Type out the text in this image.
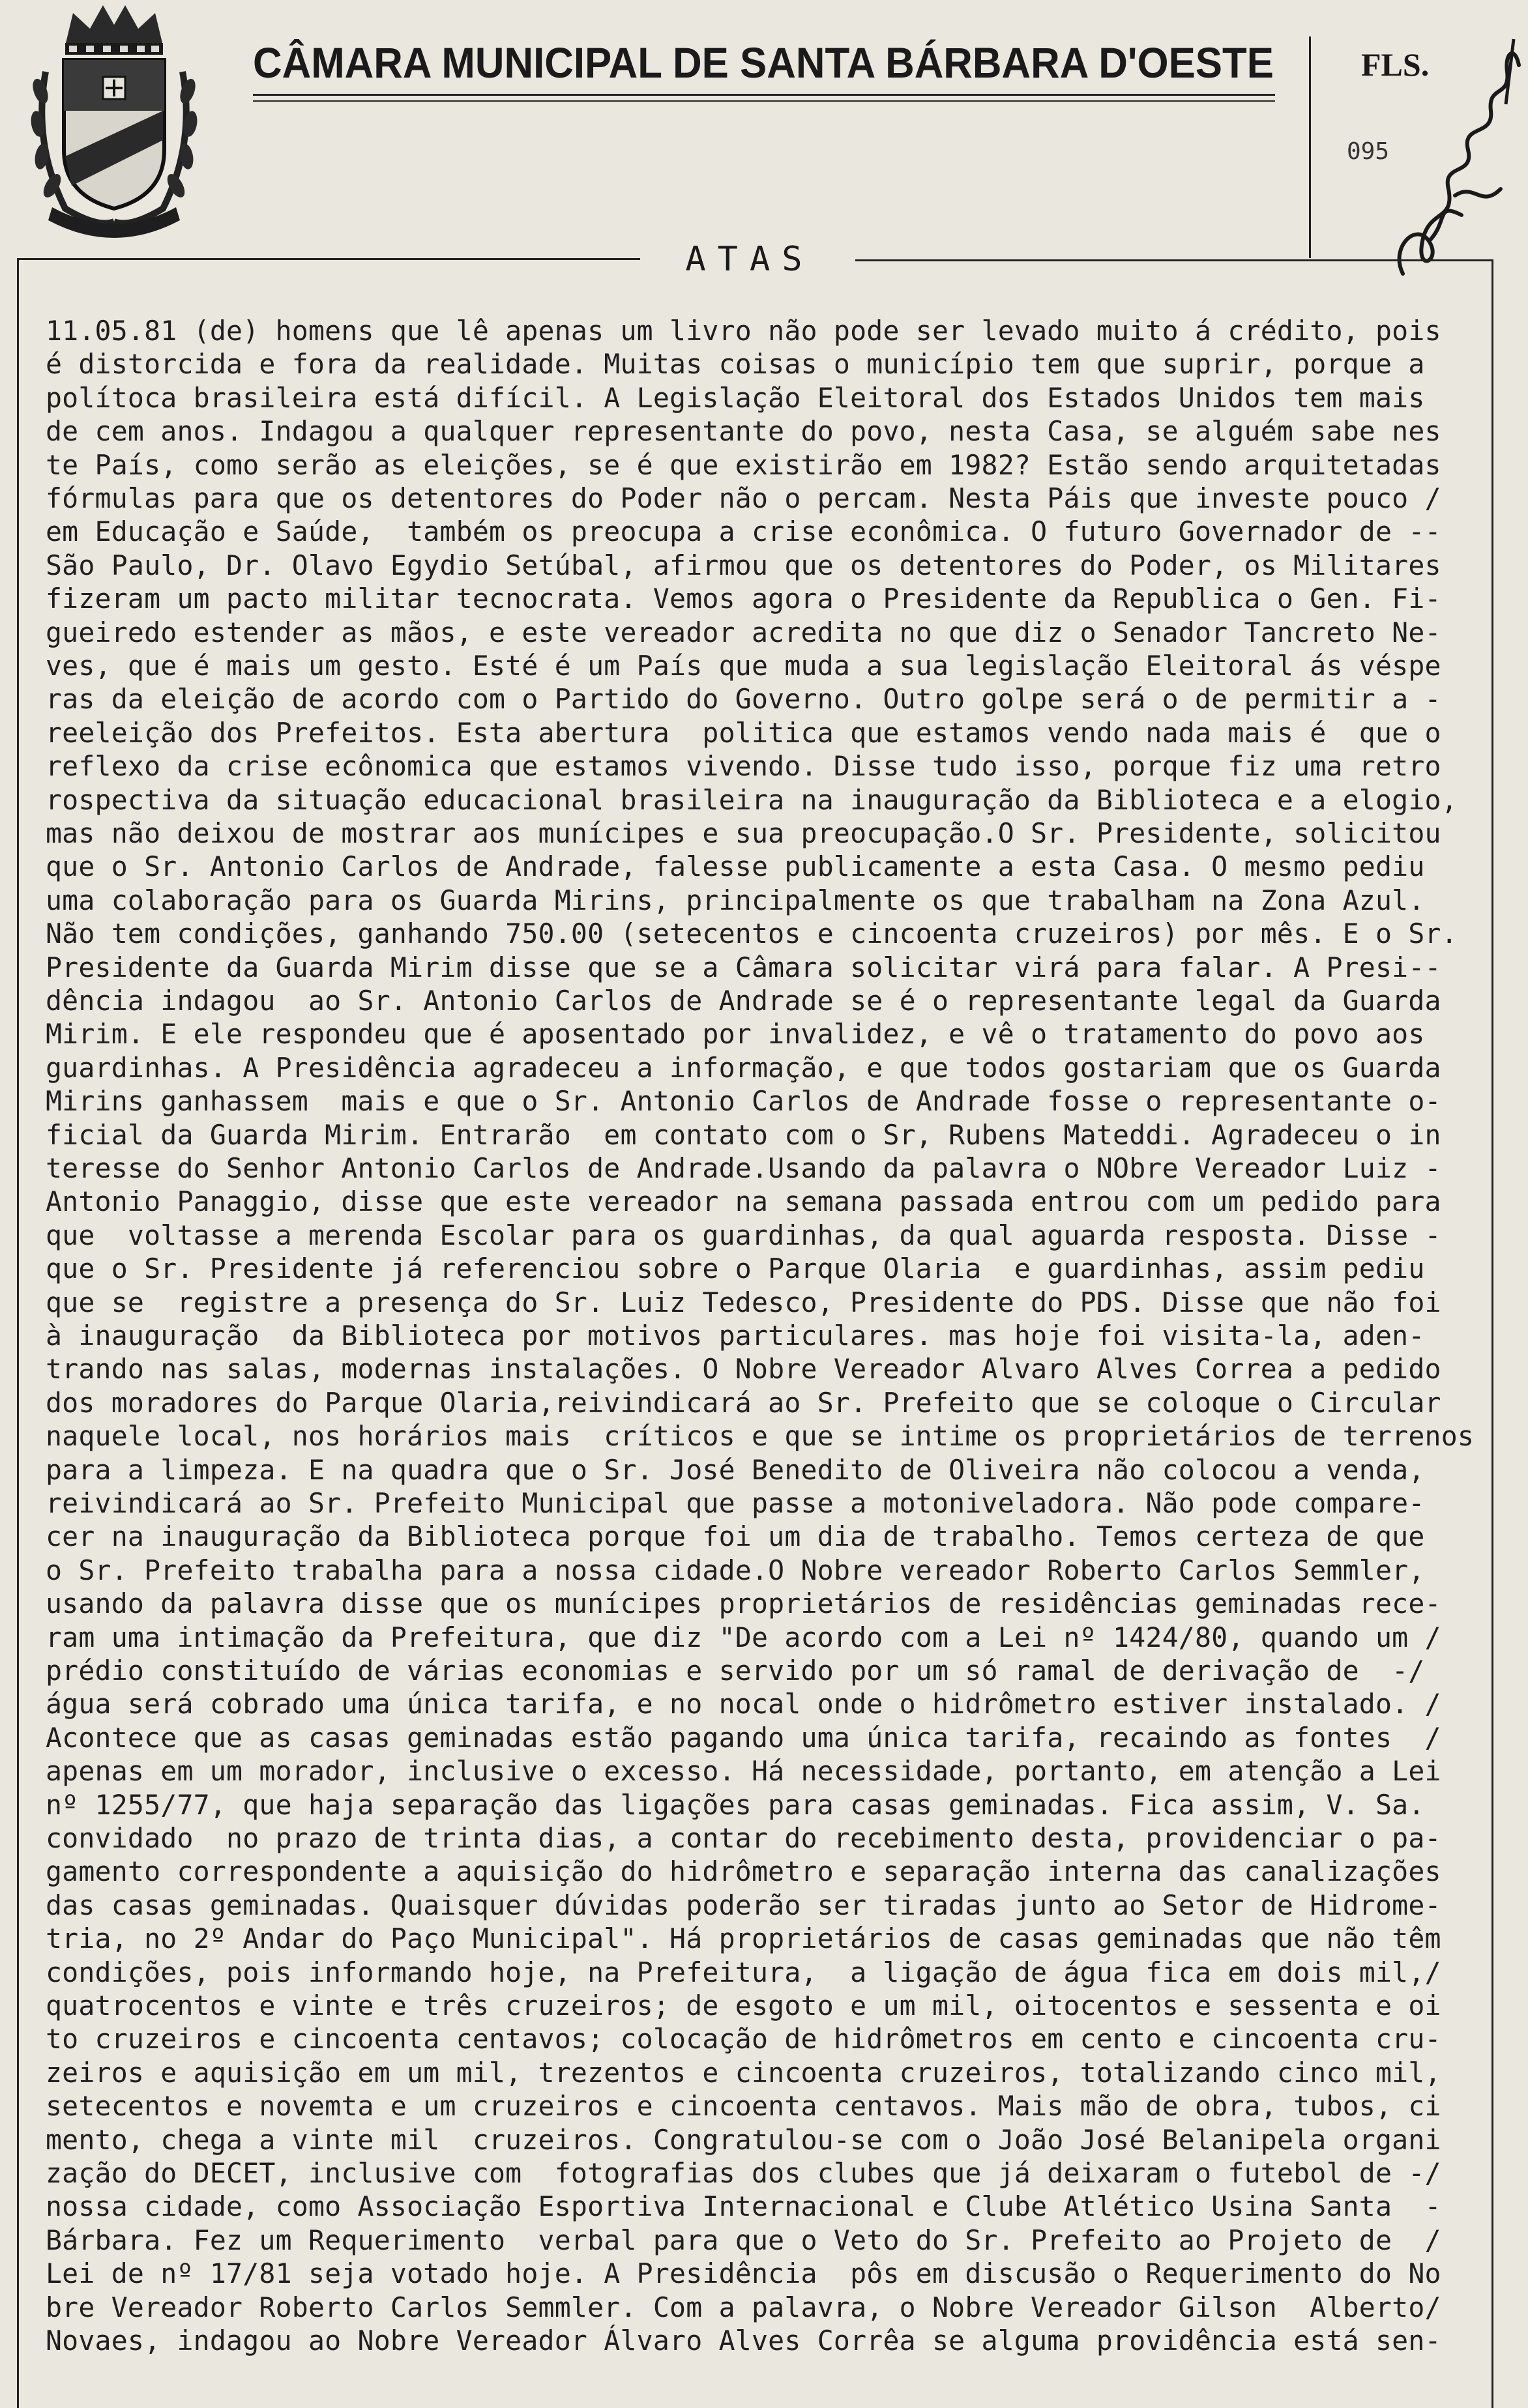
CÂMARA MUNICIPAL DE SANTA BÁRBARA D'OESTE	FLS.
095
ATAS
11.05.81 (de) homens que lê apenas um livro não pode ser levado muito á crédito, pois
é distorcida e fora da realidade. Muitas coisas o município tem que suprir, porque a
polítoca brasileira está difícil. A Legislação Eleitoral dos Estados Unidos tem mais
de cem anos. Indagou a qualquer representante do povo, nesta Casa, se alguém sabe nes
te País, como serão as eleições, se é que existirão em 1982? Estão sendo arquitetadas
fórmulas para que os detentores do Poder não o percam. Nesta Páis que investe pouco /
em Educação e Saúde,  também os preocupa a crise econômica. O futuro Governador de --
São Paulo, Dr. Olavo Egydio Setúbal, afirmou que os detentores do Poder, os Militares
fizeram um pacto militar tecnocrata. Vemos agora o Presidente da Republica o Gen. Fi-
gueiredo estender as mãos, e este vereador acredita no que diz o Senador Tancreto Ne-
ves, que é mais um gesto. Esté é um País que muda a sua legislação Eleitoral ás véspe
ras da eleição de acordo com o Partido do Governo. Outro golpe será o de permitir a -
reeleição dos Prefeitos. Esta abertura  politica que estamos vendo nada mais é  que o
reflexo da crise ecônomica que estamos vivendo. Disse tudo isso, porque fiz uma retro
rospectiva da situação educacional brasileira na inauguração da Biblioteca e a elogio,
mas não deixou de mostrar aos munícipes e sua preocupação.O Sr. Presidente, solicitou
que o Sr. Antonio Carlos de Andrade, falesse publicamente a esta Casa. O mesmo pediu
uma colaboração para os Guarda Mirins, principalmente os que trabalham na Zona Azul.
Não tem condições, ganhando 750.00 (setecentos e cincoenta cruzeiros) por mês. E o Sr.
Presidente da Guarda Mirim disse que se a Câmara solicitar virá para falar. A Presi--
dência indagou  ao Sr. Antonio Carlos de Andrade se é o representante legal da Guarda
Mirim. E ele respondeu que é aposentado por invalidez, e vê o tratamento do povo aos
guardinhas. A Presidência agradeceu a informação, e que todos gostariam que os Guarda
Mirins ganhassem  mais e que o Sr. Antonio Carlos de Andrade fosse o representante o-
ficial da Guarda Mirim. Entrarão  em contato com o Sr, Rubens Mateddi. Agradeceu o in
teresse do Senhor Antonio Carlos de Andrade.Usando da palavra o NObre Vereador Luiz -
Antonio Panaggio, disse que este vereador na semana passada entrou com um pedido para
que  voltasse a merenda Escolar para os guardinhas, da qual aguarda resposta. Disse -
que o Sr. Presidente já referenciou sobre o Parque Olaria  e guardinhas, assim pediu
que se  registre a presença do Sr. Luiz Tedesco, Presidente do PDS. Disse que não foi
à inauguração  da Biblioteca por motivos particulares. mas hoje foi visita-la, aden-
trando nas salas, modernas instalações. O Nobre Vereador Alvaro Alves Correa a pedido
dos moradores do Parque Olaria,reivindicará ao Sr. Prefeito que se coloque o Circular
naquele local, nos horários mais  críticos e que se intime os proprietários de terrenos
para a limpeza. E na quadra que o Sr. José Benedito de Oliveira não colocou a venda,
reivindicará ao Sr. Prefeito Municipal que passe a motoniveladora. Não pode compare-
cer na inauguração da Biblioteca porque foi um dia de trabalho. Temos certeza de que
o Sr. Prefeito trabalha para a nossa cidade.O Nobre vereador Roberto Carlos Semmler,
usando da palavra disse que os munícipes proprietários de residências geminadas rece-
ram uma intimação da Prefeitura, que diz "De acordo com a Lei nº 1424/80, quando um /
prédio constituído de várias economias e servido por um só ramal de derivação de  -/
água será cobrado uma única tarifa, e no nocal onde o hidrômetro estiver instalado. /
Acontece que as casas geminadas estão pagando uma única tarifa, recaindo as fontes  /
apenas em um morador, inclusive o excesso. Há necessidade, portanto, em atenção a Lei
nº 1255/77, que haja separação das ligações para casas geminadas. Fica assim, V. Sa.
convidado  no prazo de trinta dias, a contar do recebimento desta, providenciar o pa-
gamento correspondente a aquisição do hidrômetro e separação interna das canalizações
das casas geminadas. Quaisquer dúvidas poderão ser tiradas junto ao Setor de Hidrome-
tria, no 2º Andar do Paço Municipal". Há proprietários de casas geminadas que não têm
condições, pois informando hoje, na Prefeitura,  a ligação de água fica em dois mil,/
quatrocentos e vinte e três cruzeiros; de esgoto e um mil, oitocentos e sessenta e oi
to cruzeiros e cincoenta centavos; colocação de hidrômetros em cento e cincoenta cru-
zeiros e aquisição em um mil, trezentos e cincoenta cruzeiros, totalizando cinco mil,
setecentos e novemta e um cruzeiros e cincoenta centavos. Mais mão de obra, tubos, ci
mento, chega a vinte mil  cruzeiros. Congratulou-se com o João José Belanipela organi
zação do DECET, inclusive com  fotografias dos clubes que já deixaram o futebol de -/
nossa cidade, como Associação Esportiva Internacional e Clube Atlético Usina Santa  -
Bárbara. Fez um Requerimento  verbal para que o Veto do Sr. Prefeito ao Projeto de  /
Lei de nº 17/81 seja votado hoje. A Presidência  pôs em discusão o Requerimento do No
bre Vereador Roberto Carlos Semmler. Com a palavra, o Nobre Vereador Gilson  Alberto/
Novaes, indagou ao Nobre Vereador Álvaro Alves Corrêa se alguma providência está sen-
